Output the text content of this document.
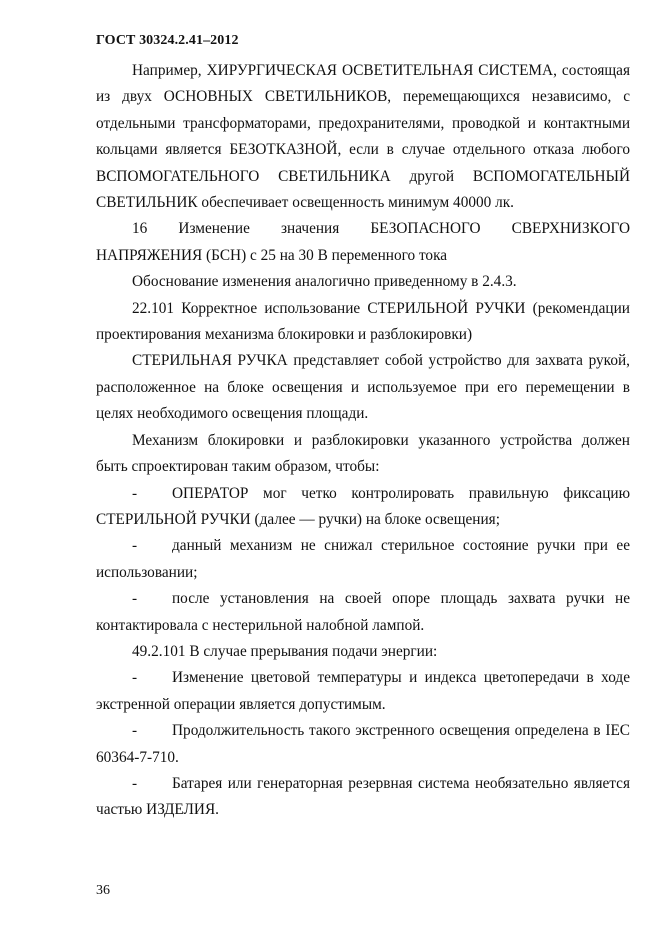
ГОСТ 30324.2.41–2012

Например, ХИРУРГИЧЕСКАЯ ОСВЕТИТЕЛЬНАЯ СИСТЕМА, состоящая из двух ОСНОВНЫХ СВЕТИЛЬНИКОВ, перемещающихся независимо, с отдельными трансформаторами, предохранителями, проводкой и контактными кольцами является БЕЗОТКАЗНОЙ, если в случае отдельного отказа любого ВСПОМОГАТЕЛЬНОГО СВЕТИЛЬНИКА другой ВСПОМОГАТЕЛЬНЫЙ СВЕТИЛЬНИК обеспечивает освещенность минимум 40000 лк.

16 Изменение значения БЕЗОПАСНОГО СВЕРХНИЗКОГО НАПРЯЖЕНИЯ (БСН) с 25 на 30 В переменного тока

Обоснование изменения аналогично приведенному в 2.4.3.

22.101 Корректное использование СТЕРИЛЬНОЙ РУЧКИ (рекомендации проектирования механизма блокировки и разблокировки)

СТЕРИЛЬНАЯ РУЧКА представляет собой устройство для захвата рукой, расположенное на блоке освещения и используемое при его перемещении в целях необходимого освещения площади.

Механизм блокировки и разблокировки указанного устройства должен быть спроектирован таким образом, чтобы:

- ОПЕРАТОР мог четко контролировать правильную фиксацию СТЕРИЛЬНОЙ РУЧКИ (далее — ручки) на блоке освещения;

- данный механизм не снижал стерильное состояние ручки при ее использовании;

- после установления на своей опоре площадь захвата ручки не контактировала с нестерильной налобной лампой.

49.2.101 В случае прерывания подачи энергии:

- Изменение цветовой температуры и индекса цветопередачи в ходе экстренной операции является допустимым.

- Продолжительность такого экстренного освещения определена в IEC 60364-7-710.

- Батарея или генераторная резервная система необязательно является частью ИЗДЕЛИЯ.

36
